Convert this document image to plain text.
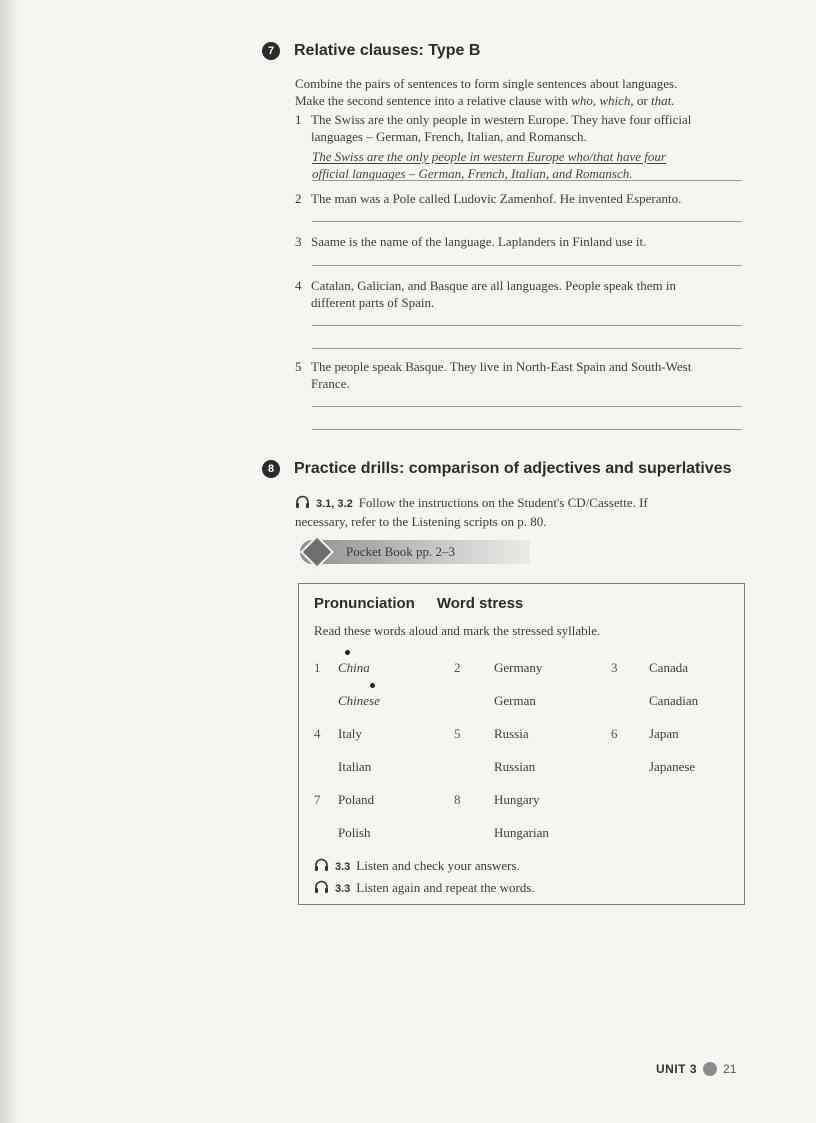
7	Relative clauses: Type B
Combine the pairs of sentences to form single sentences about languages.
Make the second sentence into a relative clause with who, which, or that.
1 The Swiss are the only people in western Europe. They have four official
languages – German, French, Italian, and Romansch.
The Swiss are the only people in western Europe who/that have four
official languages – German, French, Italian, and Romansch.
2 The man was a Pole called Ludovic Zamenhof. He invented Esperanto.
3 Saame is the name of the language. Laplanders in Finland use it.
4 Catalan, Galician, and Basque are all languages. People speak them in
different parts of Spain.
5 The people speak Basque. They live in North-East Spain and South-West
France.
8	Practice drills: comparison of adjectives and superlatives
3.1, 3.2 Follow the instructions on the Student's CD/Cassette. If
necessary, refer to the Listening scripts on p. 80.
Pocket Book pp. 2–3
Pronunciation Word stress
Read these words aloud and mark the stressed syllable.
1 China	2	Germany	3 Canada
Chinese	German	Canadian
4 Italy	5	Russia	6 Japan
Italian	Russian	Japanese
7 Poland	8	Hungary
Polish	Hungarian
3.3 Listen and check your answers.
3.3 Listen again and repeat the words.
UNIT 3 21
